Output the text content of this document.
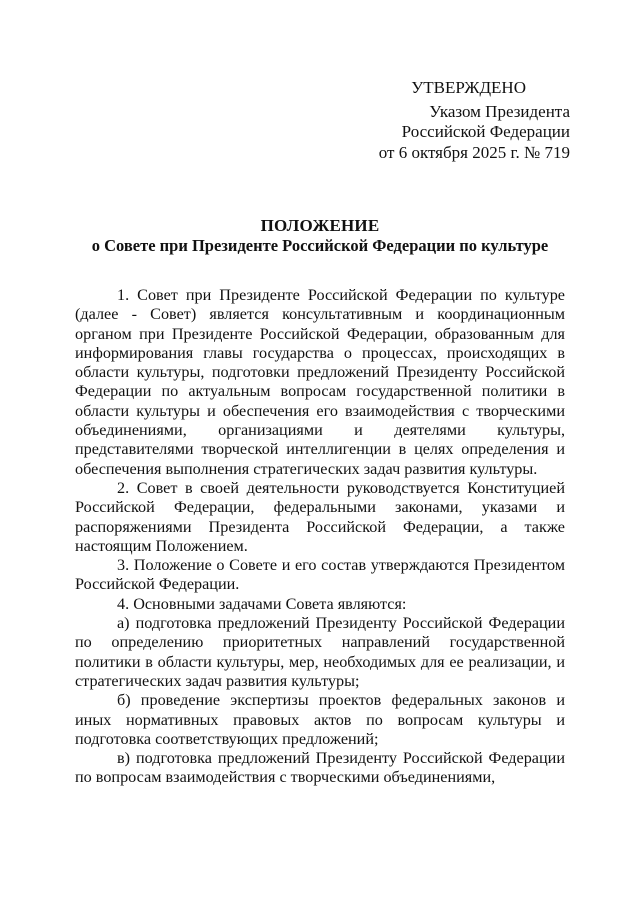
УТВЕРЖДЕНО
Указом Президента
Российской Федерации
от 6 октября 2025 г. № 719
ПОЛОЖЕНИЕ
о Совете при Президенте Российской Федерации по культуре

1. Совет при Президенте Российской Федерации по культуре (далее - Совет) является консультативным и координационным органом при Президенте Российской Федерации, образованным для информирования главы государства о процессах, происходящих в области культуры, подготовки предложений Президенту Российской Федерации по актуальным вопросам государственной политики в области культуры и обеспечения его взаимодействия с творческими объединениями, организациями и деятелями культуры, представителями творческой интеллигенции в целях определения и обеспечения выполнения стратегических задач развития культуры.

2. Совет в своей деятельности руководствуется Конституцией Российской Федерации, федеральными законами, указами и распоряжениями Президента Российской Федерации, а также настоящим Положением.

3. Положение о Совете и его состав утверждаются Президентом Российской Федерации.

4. Основными задачами Совета являются:

а) подготовка предложений Президенту Российской Федерации по определению приоритетных направлений государственной политики в области культуры, мер, необходимых для ее реализации, и стратегических задач развития культуры;

б) проведение экспертизы проектов федеральных законов и иных нормативных правовых актов по вопросам культуры и подготовка соответствующих предложений;

в) подготовка предложений Президенту Российской Федерации по вопросам взаимодействия с творческими объединениями,
